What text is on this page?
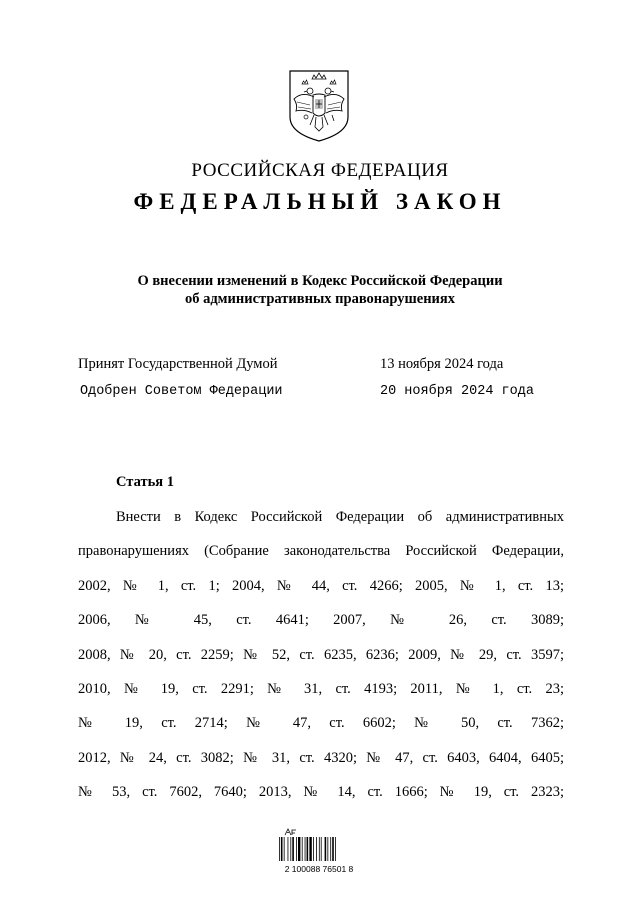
РОССИЙСКАЯ ФЕДЕРАЦИЯ
ФЕДЕРАЛЬНЫЙ ЗАКОН
О внесении изменений в Кодекс Российской Федерации
об административных правонарушениях
Принят Государственной Думой	13 ноября 2024 года
Одобрен Советом Федерации	20 ноября 2024 года
Статья 1
Внести в Кодекс Российской Федерации об административных
правонарушениях (Собрание законодательства Российской Федерации,
2002, № 1, ст. 1; 2004, № 44, ст. 4266; 2005, № 1, ст. 13;
2006, № 45, ст. 4641; 2007, № 26, ст. 3089;
2008, № 20, ст. 2259; № 52, ст. 6235, 6236; 2009, № 29, ст. 3597;
2010, № 19, ст. 2291; № 31, ст. 4193; 2011, № 1, ст. 23;
№ 19, ст. 2714; № 47, ст. 6602; № 50, ст. 7362;
2012, № 24, ст. 3082; № 31, ст. 4320; № 47, ст. 6403, 6404, 6405;
№ 53, ст. 7602, 7640; 2013, № 14, ст. 1666; № 19, ст. 2323;
2 100088 76501 8
